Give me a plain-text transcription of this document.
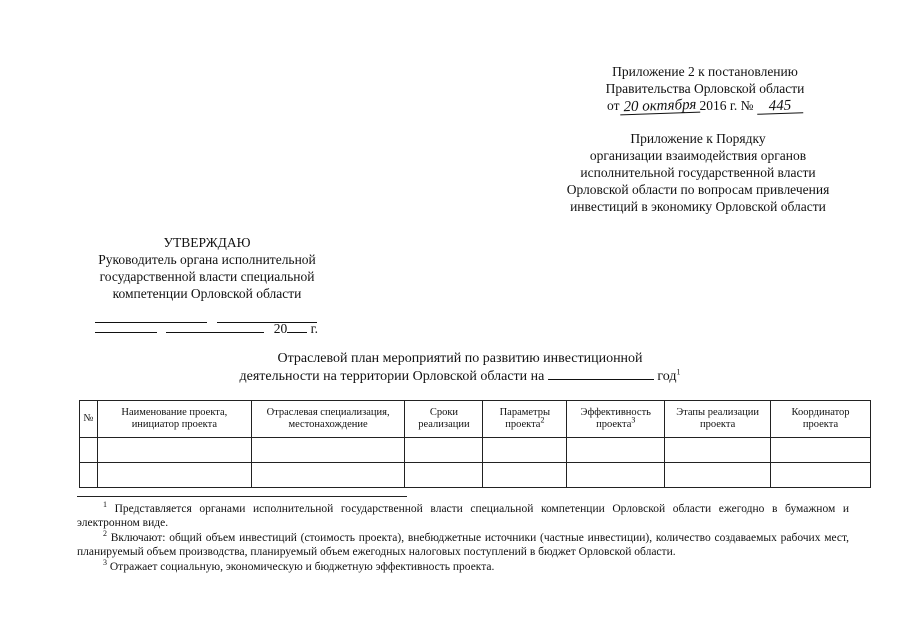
Приложение 2 к постановлению
Правительства Орловской области
от 20 октября 2016 г. № 445
Приложение к Порядку
организации взаимодействия органов
исполнительной государственной власти
Орловской области по вопросам привлечения
инвестиций в экономику Орловской области
УТВЕРЖДАЮ
Руководитель органа исполнительной
государственной власти специальной
компетенции Орловской области

20 г.
Отраслевой план мероприятий по развитию инвестиционной
деятельности на территории Орловской области на	год$^1$
№	Наименование проекта, инициатор проекта	Отраслевая специализация, местонахождение	Сроки реализации	Параметры проекта$^2$	Эффективность проекта$^3$	Этапы реализации проекта	Координатор проекта

$^1$ Представляется органами исполнительной государственной власти специальной компетенции Орловской области ежегодно в бумажном и электронном виде.

$^2$ Включают: общий объем инвестиций (стоимость проекта), внебюджетные источники (частные инвестиции), количество создаваемых рабочих мест, планируемый объем производства, планируемый объем ежегодных налоговых поступлений в бюджет Орловской области.

$^3$ Отражает социальную, экономическую и бюджетную эффективность проекта.
